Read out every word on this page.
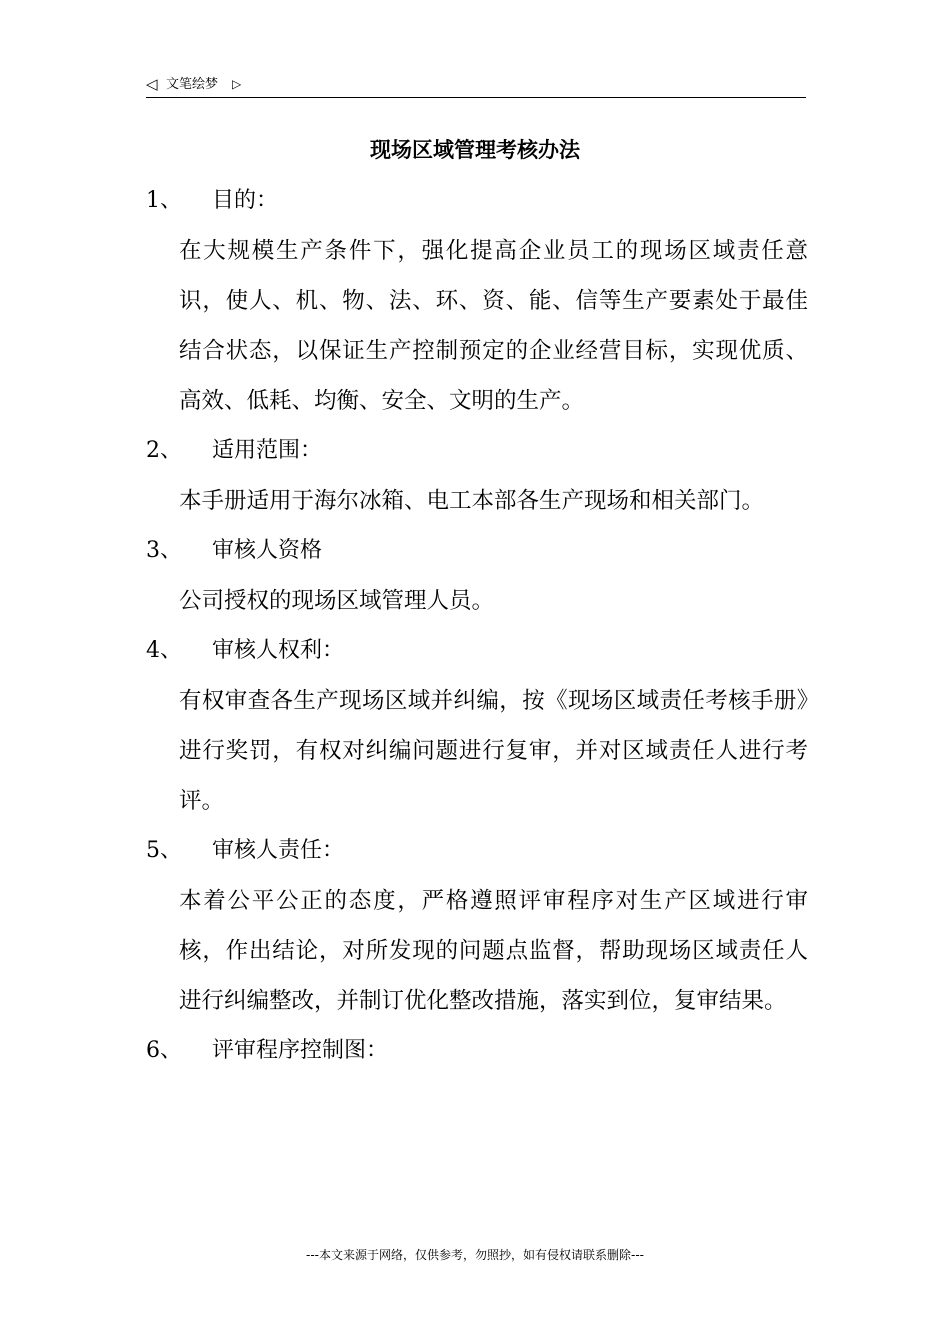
◁ 文笔绘梦 ▷
现场区域管理考核办法
1、 目的：
在大规模生产条件下，强化提高企业员工的现场区域责任意识，使人、机、物、法、环、资、能、信等生产要素处于最佳结合状态，以保证生产控制预定的企业经营目标，实现优质、高效、低耗、均衡、安全、文明的生产。
2、 适用范围：
本手册适用于海尔冰箱、电工本部各生产现场和相关部门。
3、 审核人资格
公司授权的现场区域管理人员。
4、 审核人权利：
有权审查各生产现场区域并纠编，按《现场区域责任考核手册》进行奖罚，有权对纠编问题进行复审，并对区域责任人进行考评。
5、 审核人责任：
本着公平公正的态度，严格遵照评审程序对生产区域进行审核，作出结论，对所发现的问题点监督，帮助现场区域责任人进行纠编整改，并制订优化整改措施，落实到位，复审结果。
6、 评审程序控制图：
---本文来源于网络，仅供参考，勿照抄，如有侵权请联系删除---
